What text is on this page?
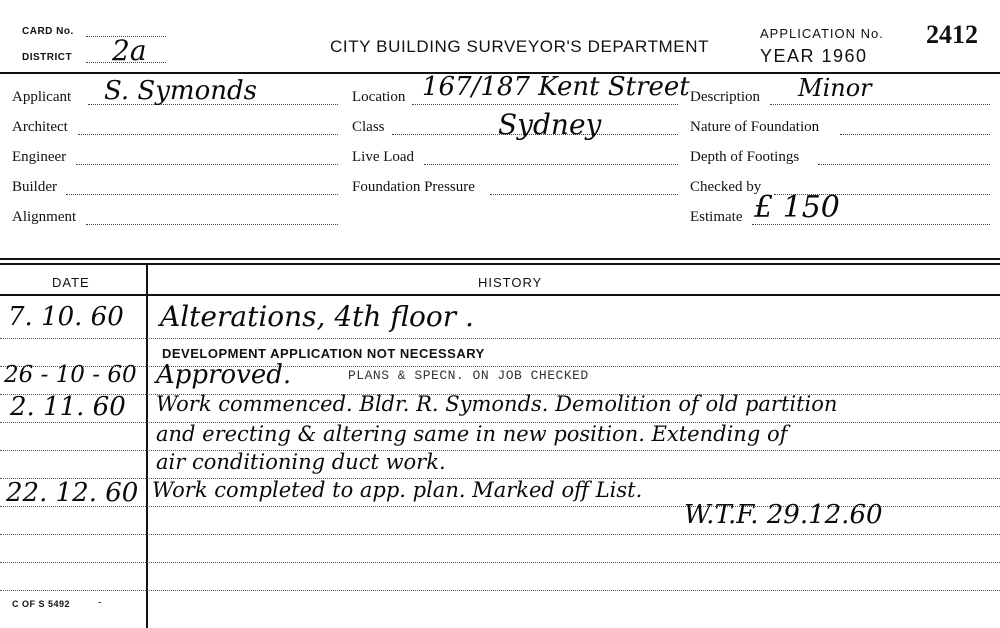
CARD No.
DISTRICT 2a	CITY BUILDING SURVEYOR'S DEPARTMENT
APPLICATION No. 2412
YEAR 1960
Applicant S. Symonds
Architect
Engineer
Builder
Alignment
Location 167/187 Kent Street
Class	Sydney
Live Load
Foundation Pressure
Description Minor
Nature of Foundation
Depth of Footings
Checked by
Estimate £ 150
DATE	HISTORY
7. 10. 60 Alterations, 4th floor .
DEVELOPMENT APPLICATION NOT NECESSARY
26 - 10 - 60 Approved.	PLANS & SPECN. ON JOB CHECKED
2. 11. 60 Work commenced. Bldr. R. Symonds. Demolition of old partition
and erecting & altering same in new position. Extending of
air conditioning duct work.
22. 12. 60 Work completed to app. plan. Marked off List.
W.T.F. 29.12.60
C OF S 5492	-
